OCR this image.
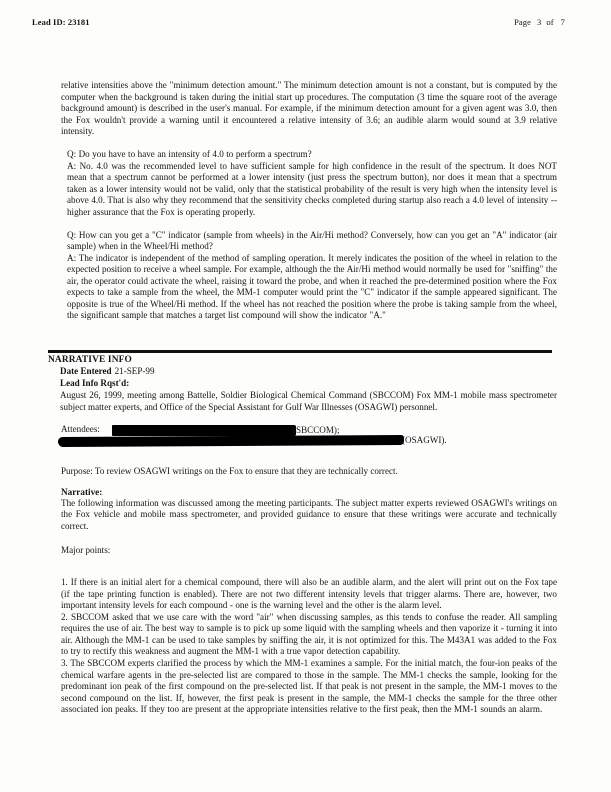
Lead ID: 23181	Page 3 of 7

relative intensities above the "minimum detection amount." The minimum detection amount is not a constant, but is computed by the computer when the background is taken during the initial start up procedures. The computation (3 time the square root of the average background amount) is described in the user's manual. For example, if the minimum detection amount for a given agent was 3.0, then the Fox wouldn't provide a warning until it encountered a relative intensity of 3.6; an audible alarm would sound at 3.9 relative intensity.

Q: Do you have to have an intensity of 4.0 to perform a spectrum?

A: No. 4.0 was the recommended level to have sufficient sample for high confidence in the result of the spectrum. It does NOT mean that a spectrum cannot be performed at a lower intensity (just press the spectrum button), nor does it mean that a spectrum taken as a lower intensity would not be valid, only that the statistical probability of the result is very high when the intensity level is above 4.0. That is also why they recommend that the sensitivity checks completed during startup also reach a 4.0 level of intensity -- higher assurance that the Fox is operating properly.

Q: How can you get a "C" indicator (sample from wheels) in the Air/Hi method? Conversely, how can you get an "A" indicator (air sample) when in the Wheel/Hi method?

A: The indicator is independent of the method of sampling operation. It merely indicates the position of the wheel in relation to the expected position to receive a wheel sample. For example, although the the Air/Hi method would normally be used for "sniffing" the air, the operator could activate the wheel, raising it toward the probe, and when it reached the pre-determined position where the Fox expects to take a sample from the wheel, the MM-1 computer would print the "C" indicator if the sample appeared significant. The opposite is true of the Wheel/Hi method. If the wheel has not reached the position where the probe is taking sample from the wheel, the significant sample that matches a target list compound will show the indicator "A."

NARRATIVE INFO
Date Entered 21-SEP-99
Lead Info Rqst'd:
August 26, 1999, meeting among Battelle, Soldier Biological Chemical Command (SBCCOM) Fox MM-1 mobile mass spectrometer subject matter experts, and Office of the Special Assistant for Gulf War Illnesses (OSAGWI) personnel.
Attendees:	(SBCCOM);
(OSAGWI).
Purpose: To review OSAGWI writings on the Fox to ensure that they are technically correct.
Narrative:

The following information was discussed among the meeting participants. The subject matter experts reviewed OSAGWI's writings on the Fox vehicle and mobile mass spectrometer, and provided guidance to ensure that these writings were accurate and technically correct.

Major points:

1. If there is an initial alert for a chemical compound, there will also be an audible alarm, and the alert will print out on the Fox tape (if the tape printing function is enabled). There are not two different intensity levels that trigger alarms. There are, however, two important intensity levels for each compound - one is the warning level and the other is the alarm level.

2. SBCCOM asked that we use care with the word "air" when discussing samples, as this tends to confuse the reader. All sampling requires the use of air. The best way to sample is to pick up some liquid with the sampling wheels and then vaporize it - turning it into air. Although the MM-1 can be used to take samples by sniffing the air, it is not optimized for this. The M43A1 was added to the Fox to try to rectify this weakness and augment the MM-1 with a true vapor detection capability.

3. The SBCCOM experts clarified the process by which the MM-1 examines a sample. For the initial match, the four-ion peaks of the chemical warfare agents in the pre-selected list are compared to those in the sample. The MM-1 checks the sample, looking for the predominant ion peak of the first compound on the pre-selected list. If that peak is not present in the sample, the MM-1 moves to the second compound on the list. If, however, the first peak is present in the sample, the MM-1 checks the sample for the three other associated ion peaks. If they too are present at the appropriate intensities relative to the first peak, then the MM-1 sounds an alarm.
